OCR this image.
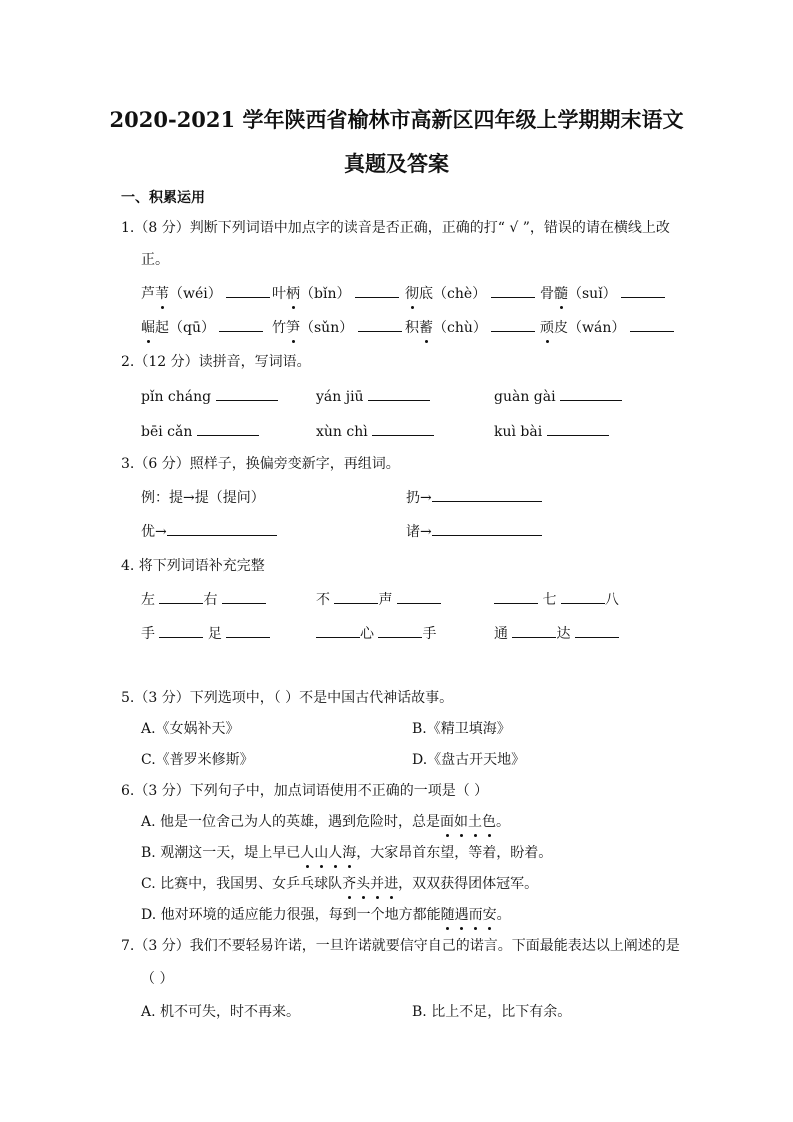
2020-2021 学年陕西省榆林市高新区四年级上学期期末语文
真题及答案
一、积累运用
1.（8 分）判断下列词语中加点字的读音是否正确，正确的打“ √ ”，错误的请在横线上改
正。
芦苇（wéi）	叶柄（bǐn）	彻底（chè）	骨髓（suǐ）
崛起（qū）	竹笋（sǔn）	积蓄（chù）	顽皮（wán）
2.（12 分）读拼音，写词语。
pǐn cháng	yán jiū	guàn gài
bēi cǎn	xùn chì	kuì bài
3.（6 分）照样子，换偏旁变新字，再组词。
例：提→提（提问）	扔→
优→	诸→
4. 将下列词语补充完整
左	右	不	声	七	八
手	足	心	手	通	达
5.（3 分）下列选项中，（ ）不是中国古代神话故事。
A.《女娲补天》	B.《精卫填海》
C.《普罗米修斯》	D.《盘古开天地》
6.（3 分）下列句子中，加点词语使用不正确的一项是（ ）
A. 他是一位舍己为人的英雄，遇到危险时，总是面如土色。
B. 观潮这一天，堤上早已人山人海，大家昂首东望，等着，盼着。
C. 比赛中，我国男、女乒乓球队齐头并进，双双获得团体冠军。
D. 他对环境的适应能力很强，每到一个地方都能随遇而安。
7.（3 分）我们不要轻易许诺，一旦许诺就要信守自己的诺言。下面最能表达以上阐述的是
（ ）
A. 机不可失，时不再来。	B. 比上不足，比下有余。
